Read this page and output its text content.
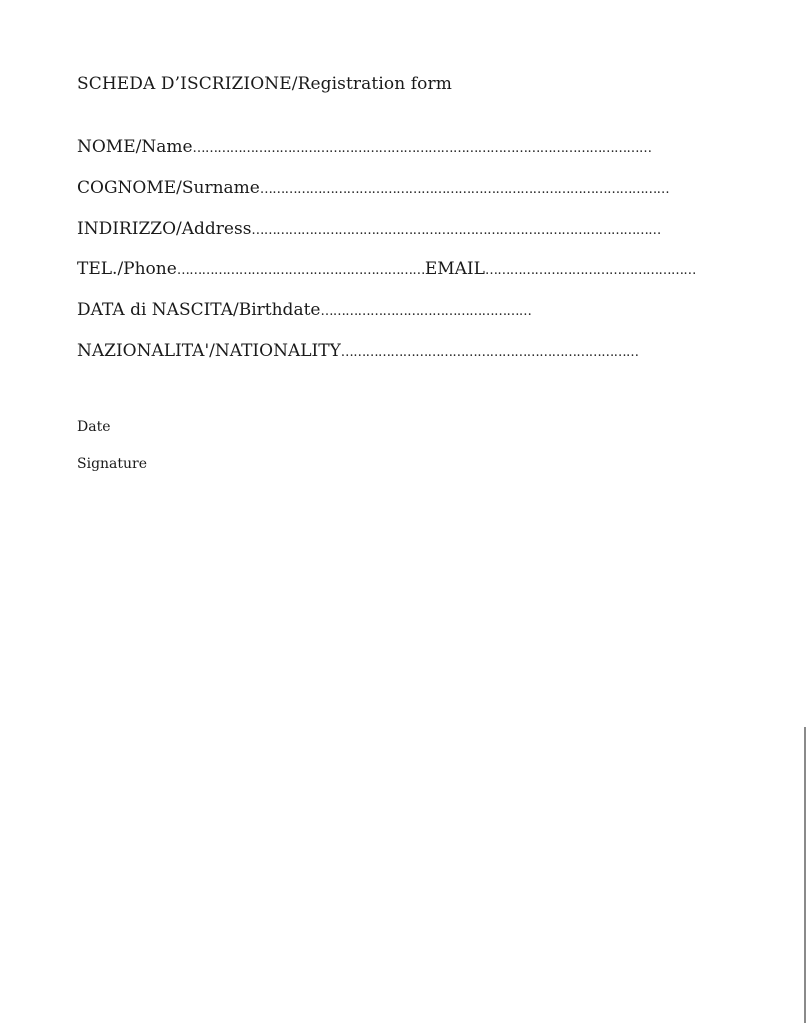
SCHEDA D’ISCRIZIONE/Registration form
NOME/Name…………………………………………………………………………………………………
COGNOME/Surname………………………………………………………………………………………
INDIRIZZO/Address………………………………………………………………………………………
TEL./Phone……………………………………………………EMAIL……………………………………………
DATA di NASCITA/Birthdate……………………………………………
NAZIONALITA'/NATIONALITY………………………………………………………………
Date
Signature
